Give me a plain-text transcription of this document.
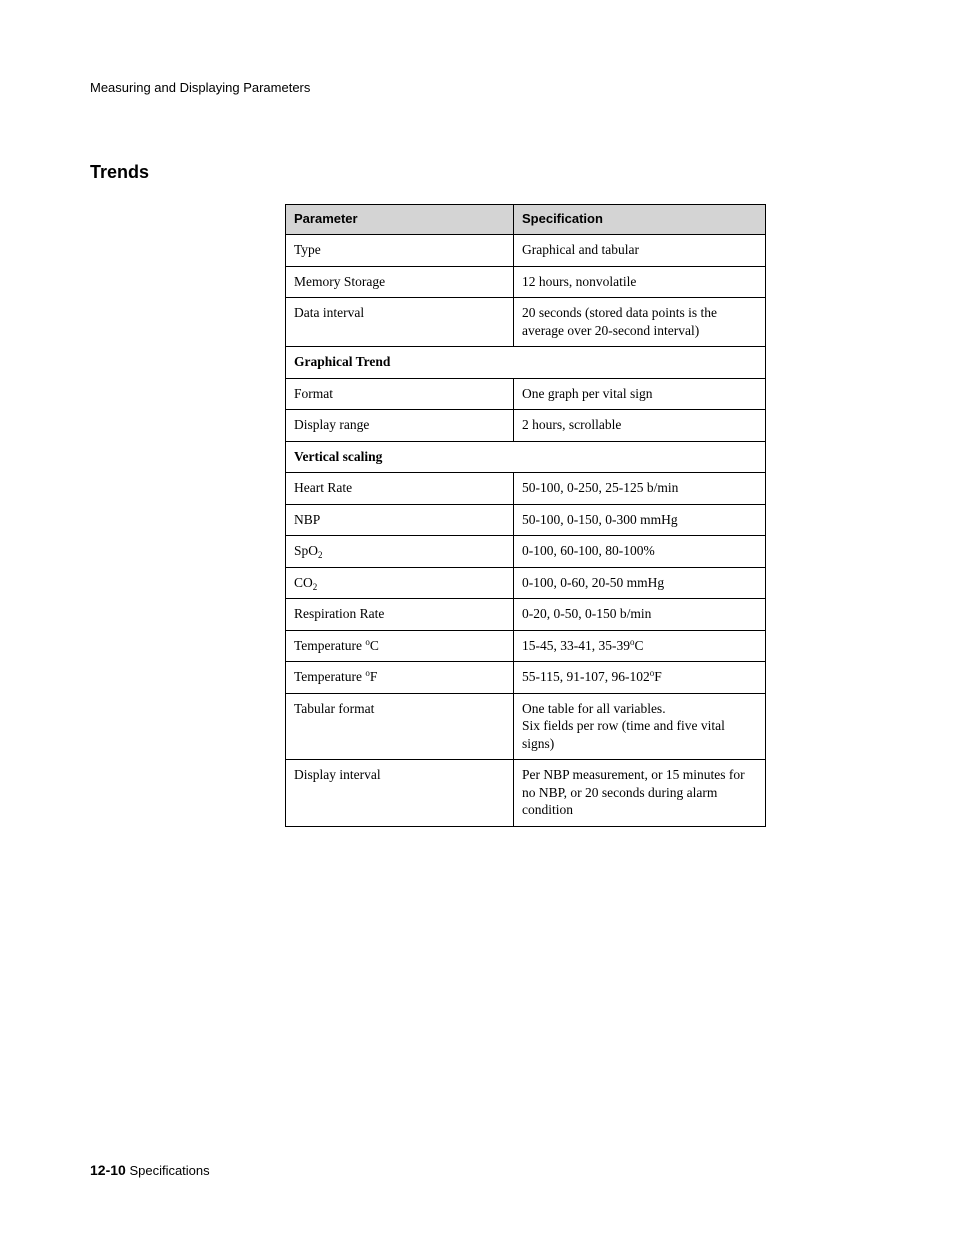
Measuring and Displaying Parameters
Trends
Parameter	Specification
Type	Graphical and tabular
Memory Storage	12 hours, nonvolatile
Data interval	20 seconds (stored data points is the
average over 20-second interval)

Graphical Trend	
Format	One graph per vital sign
Display range	2 hours, scrollable
Vertical scaling	
Heart Rate	50-100, 0-250, 25-125 b/min
NBP	50-100, 0-150, 0-300 mmHg
SpO$_2$	0-100, 60-100, 80-100%
$CO_2$	0-100, 0-60, 20-50 mmHg
Respiration Rate	0-20, 0-50, 0-150 b/min
Temperature $^o$C	15-45, 33-41, 35-39$^o$C
Temperature $^o$F	55-115, 91-107, 96-102$^o$F
Tabular format	One table for all variables.
Six fields per row (time and five vital
signs)

Display interval	Per NBP measurement, or 15 minutes for
no NBP, or 20 seconds during alarm
condition
12-10 Specifications
